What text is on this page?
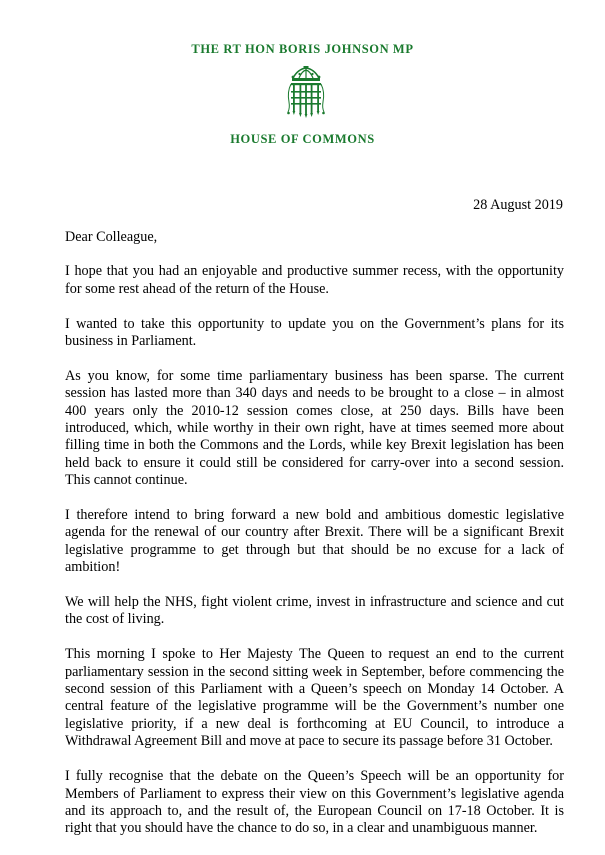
THE RT HON BORIS JOHNSON MP
HOUSE OF COMMONS
28 August 2019

Dear Colleague,

I hope that you had an enjoyable and productive summer recess, with the opportunity for some rest ahead of the return of the House.

I wanted to take this opportunity to update you on the Government’s plans for its business in Parliament.

As you know, for some time parliamentary business has been sparse. The current session has lasted more than 340 days and needs to be brought to a close – in almost 400 years only the 2010-12 session comes close, at 250 days. Bills have been introduced, which, while worthy in their own right, have at times seemed more about filling time in both the Commons and the Lords, while key Brexit legislation has been held back to ensure it could still be considered for carry-over into a second session. This cannot continue.

I therefore intend to bring forward a new bold and ambitious domestic legislative agenda for the renewal of our country after Brexit. There will be a significant Brexit legislative programme to get through but that should be no excuse for a lack of ambition!

We will help the NHS, fight violent crime, invest in infrastructure and science and cut the cost of living.

This morning I spoke to Her Majesty The Queen to request an end to the current parliamentary session in the second sitting week in September, before commencing the second session of this Parliament with a Queen’s speech on Monday 14 October. A central feature of the legislative programme will be the Government’s number one legislative priority, if a new deal is forthcoming at EU Council, to introduce a Withdrawal Agreement Bill and move at pace to secure its passage before 31 October.

I fully recognise that the debate on the Queen’s Speech will be an opportunity for Members of Parliament to express their view on this Government’s legislative agenda and its approach to, and the result of, the European Council on 17-18 October. It is right that you should have the chance to do so, in a clear and unambiguous manner.
